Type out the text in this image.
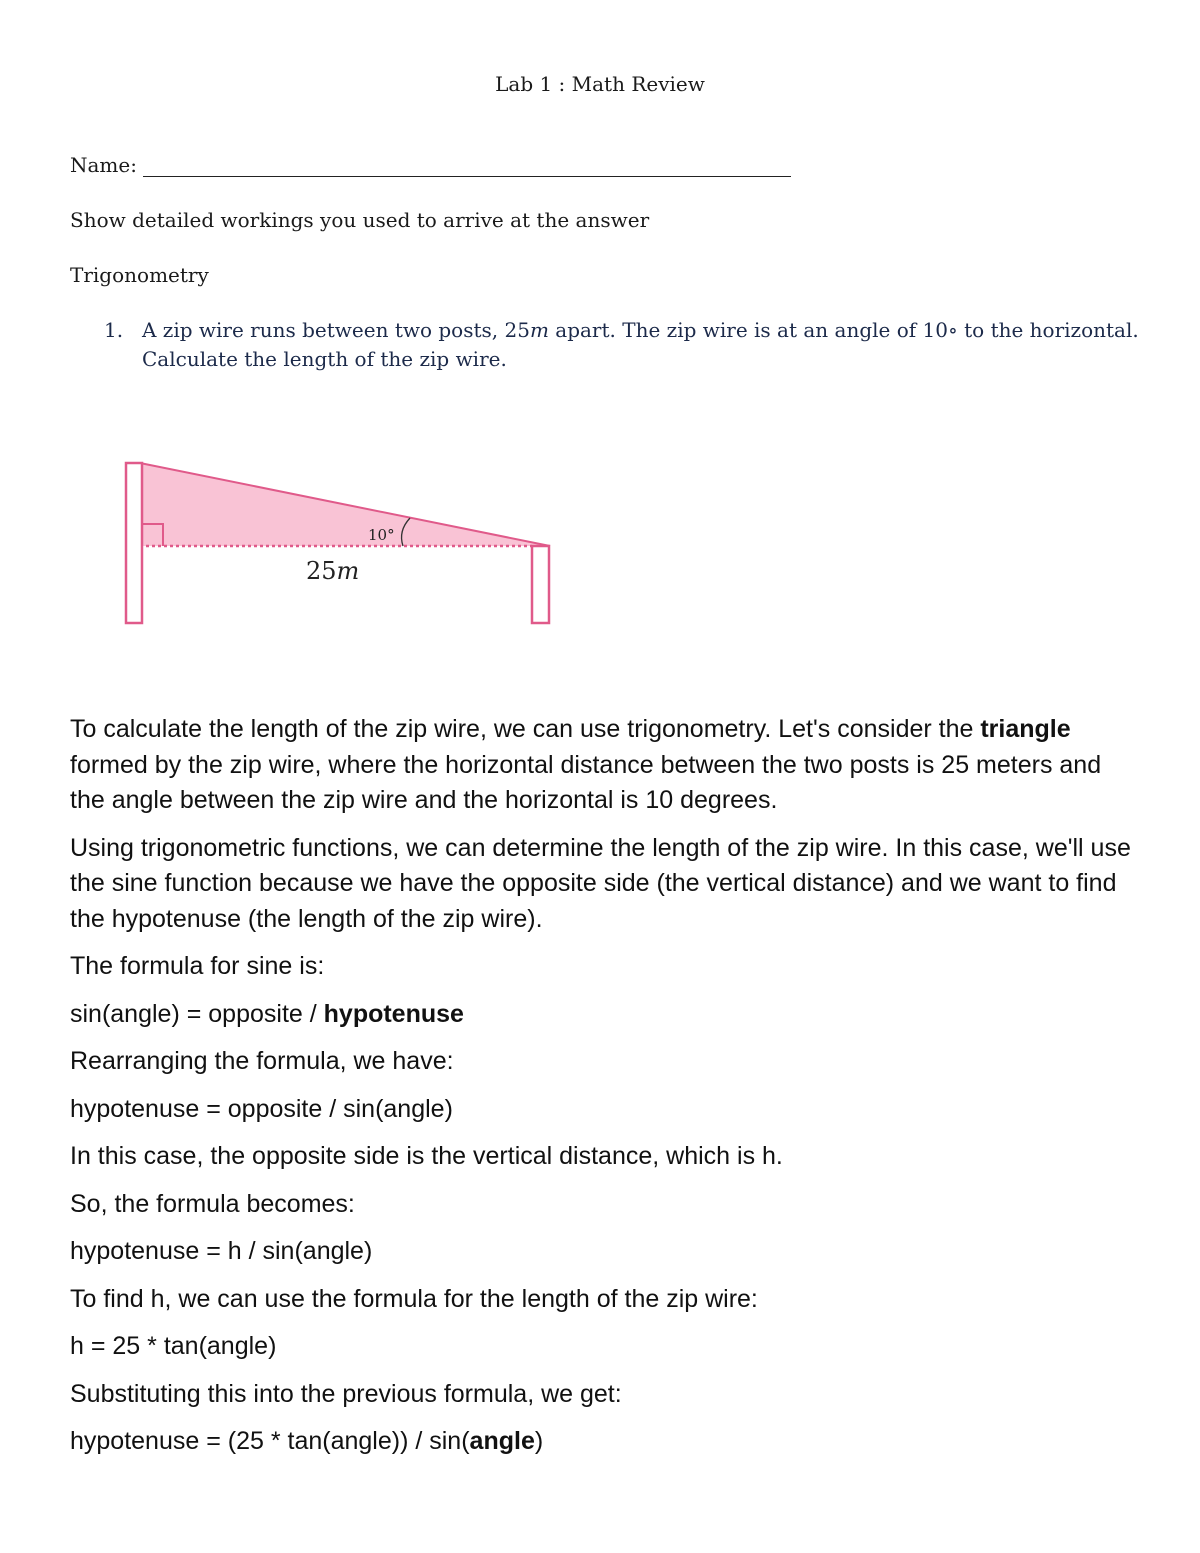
Lab 1 : Math Review
Name:
Show detailed workings you used to arrive at the answer
Trigonometry
1. A zip wire runs between two posts, 25m apart. The zip wire is at an angle of 10∘ to the horizontal. Calculate the length of the zip wire.
10°
25m

To calculate the length of the zip wire, we can use trigonometry. Let's consider the triangle formed by the zip wire, where the horizontal distance between the two posts is 25 meters and the angle between the zip wire and the horizontal is 10 degrees.

Using trigonometric functions, we can determine the length of the zip wire. In this case, we'll use the sine function because we have the opposite side (the vertical distance) and we want to find the hypotenuse (the length of the zip wire).

The formula for sine is:

sin(angle) = opposite / hypotenuse

Rearranging the formula, we have:

hypotenuse = opposite / sin(angle)

In this case, the opposite side is the vertical distance, which is h.

So, the formula becomes:

hypotenuse = h / sin(angle)

To find h, we can use the formula for the length of the zip wire:

h = 25 * tan(angle)

Substituting this into the previous formula, we get:

hypotenuse = (25 * tan(angle)) / sin(angle)
